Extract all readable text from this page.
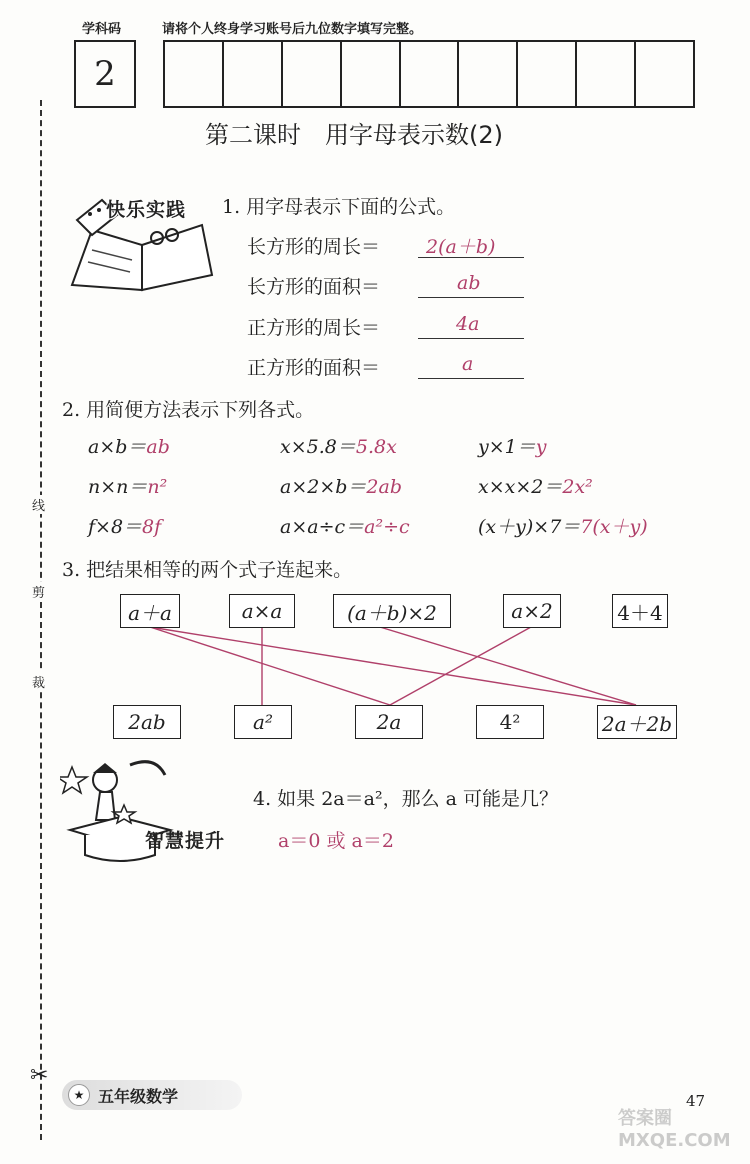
线
剪
裁
✂
学科码	请将个人终身学习账号后九位数字填写完整。
2
第二课时　用字母表示数(2)
快乐实践 1. 用字母表示下面的公式。
长方形的周长＝ 2(a＋b)
长方形的面积＝	ab
正方形的周长＝	4a
正方形的面积＝	a
2. 用简便方法表示下列各式。
a×b＝ab	x×5.8＝5.8x	y×1＝y
n×n＝n²	a×2×b＝2ab	x×x×2＝2x²
f×8＝8f	a×a÷c＝a²÷c	(x＋y)×7＝7(x＋y)
3. 把结果相等的两个式子连起来。
a＋a	a×a	(a＋b)×2	a×2	4＋4
2ab	a²	2a	4²	2a＋2b
智慧提升
4. 如果 2a＝a²，那么 a 可能是几？
a＝0 或 a＝2
★ 五年级数学	47
答案圈 MXQE.COM
